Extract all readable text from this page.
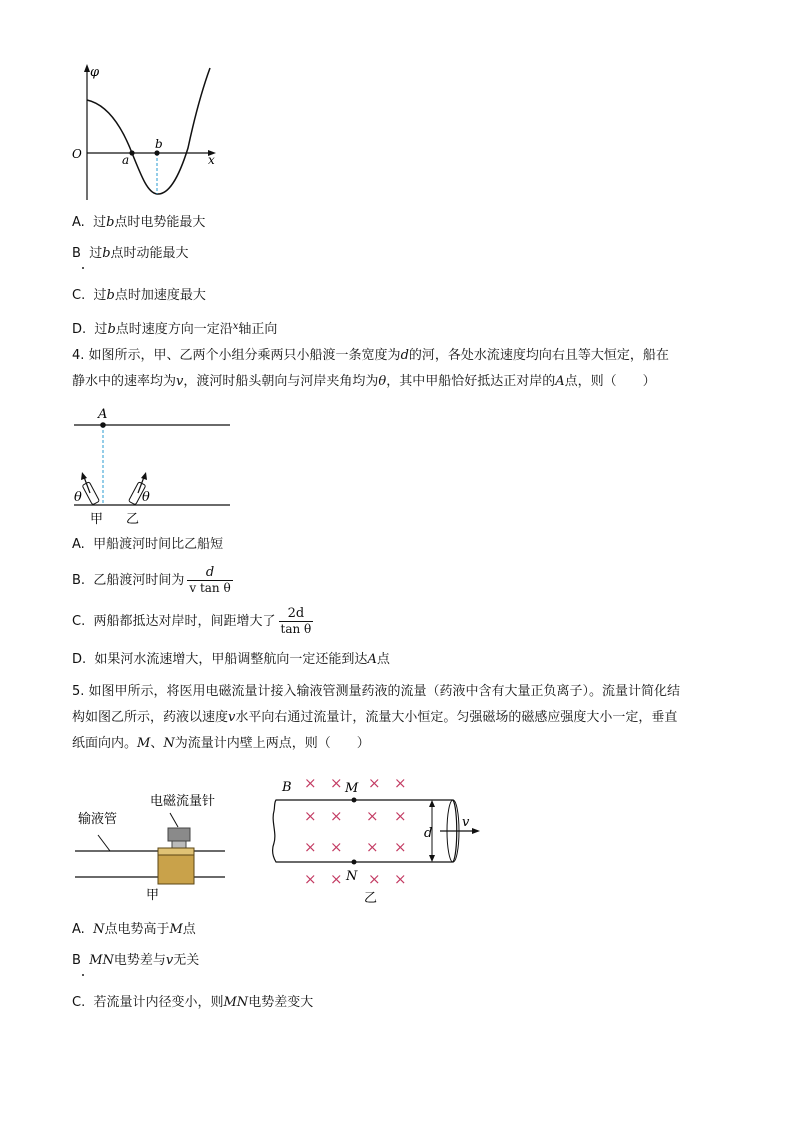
φ
x
O	a
b
A. 过b点时电势能最大
B 过b点时动能最大
C. 过b点时加速度最大
D. 过b点时速度方向一定沿$^x$轴正向
4. 如图所示，甲、乙两个小组分乘两只小船渡一条宽度为d的河，各处水流速度均向右且等大恒定，船在
静水中的速率均为v，渡河时船头朝向与河岸夹角均为θ，其中甲船恰好抵达正对岸的A点，则（　　）
A
θ	θ
甲 乙
A. 甲船渡河时间比乙船短
B. 乙船渡河时间为 $\frac{d}{\text{v tan θ}}$
C. 两船都抵达对岸时，间距增大了 $\frac{2d}{\text{tan θ}}$
D. 如果河水流速增大，甲船调整航向一定还能到达A点
5. 如图甲所示，将医用电磁流量计接入输液管测量药液的流量（药液中含有大量正负离子）。流量计简化结
构如图乙所示，药液以速度v水平向右通过流量计，流量大小恒定。匀强磁场的磁感应强度大小一定，垂直
纸面向内。M、N为流量计内壁上两点，则（　　）
输液管
电磁流量针
甲
× × × ×
× × × ×
× × × ×
× × × ×
B	M
N
d
v
乙
A. N点电势高于M点
B MN电势差与v无关
C. 若流量计内径变小，则MN电势差变大
